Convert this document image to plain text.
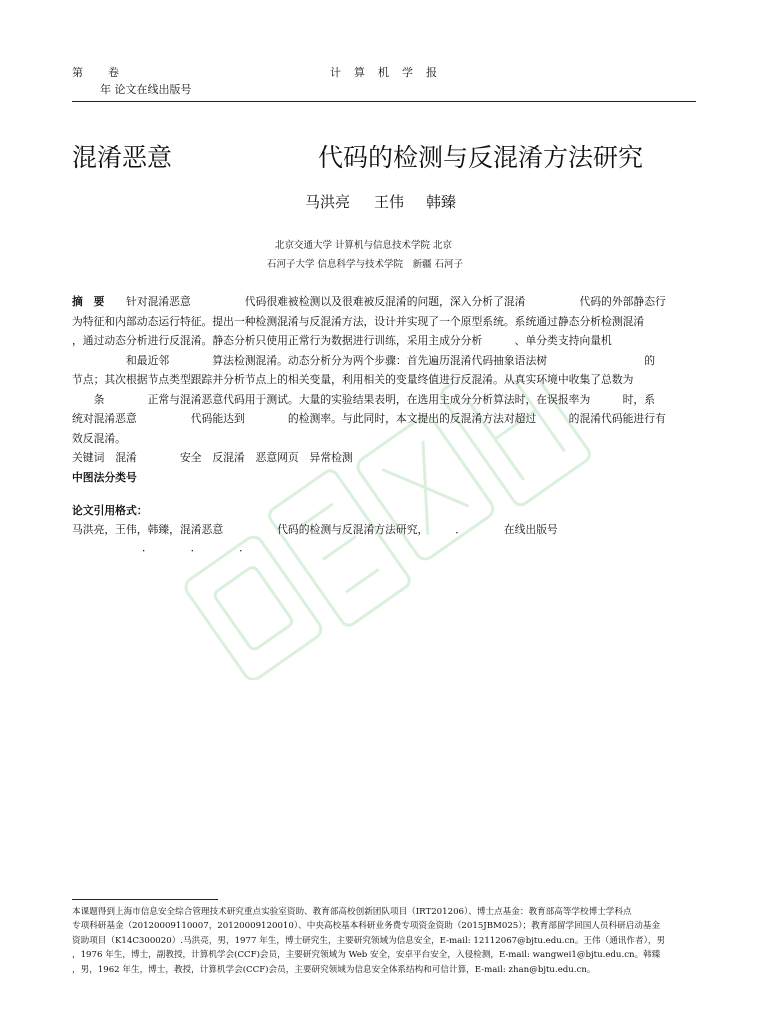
第　　卷	计　算　机　学　报
年 论文在线出版号
混淆恶意	代码的检测与反混淆方法研究
马洪亮 王伟 韩臻
北京交通大学 计算机与信息技术学院 北京
石河子大学 信息科学与技术学院　新疆 石河子

摘　要　　 针对混淆恶意　　　　　代码很难被检测以及很难被反混淆的问题，深入分析了混淆　　　　　代码的外部静态行

为特征和内部动态运行特征。提出一种检测混淆与反混淆方法，设计并实现了一个原型系统。系统通过静态分析检测混淆

，通过动态分析进行反混淆。静态分析只使用正常行为数据进行训练，采用主成分分析　　　、单分类支持向量机

　　　　　和最近邻　　　　算法检测混淆。动态分析分为两个步骤：首先遍历混淆代码抽象语法树　　　　　　　　　的

节点；其次根据节点类型跟踪并分析节点上的相关变量，利用相关的变量终值进行反混淆。从真实环境中收集了总数为

　　条　　　　正常与混淆恶意代码用于测试。大量的实验结果表明，在选用主成分分析算法时，在误报率为　　　时，系

统对混淆恶意　　　　　代码能达到　　　　的检测率。与此同时，本文提出的反混淆方法对超过　　　的混淆代码能进行有

效反混淆。

关键词　 混淆　　　　	安全　 反混淆　 恶意网页　 异常检测

中图法分类号

论文引用格式：
马洪亮，王伟，韩臻，混淆恶意　　　　　代码的检测与反混淆方法研究，　　　．　　　　在线出版号
．　　　　．　　　　．

本课题得到上海市信息安全综合管理技术研究重点实验室资助、教育部高校创新团队项目（IRT201206）、博士点基金：教育部高等学校博士学科点

专项科研基金（20120009110007，20120009120010）、中央高校基本科研业务费专项资金资助（2015JBM025）；教育部留学回国人员科研启动基金

资助项目（K14C300020）.马洪亮，男，1977 年生，博士研究生，主要研究领域为信息安全，E-mail: 12112067@bjtu.edu.cn。王伟（通讯作者），男

，1976 年生，博士，副教授，计算机学会(CCF)会员，主要研究领域为 Web 安全，安卓平台安全，入侵检测，E-mail: wangwei1@bjtu.edu.cn。韩臻

，男，1962 年生，博士，教授，计算机学会(CCF)会员，主要研究领域为信息安全体系结构和可信计算，E-mail: zhan@bjtu.edu.cn。
